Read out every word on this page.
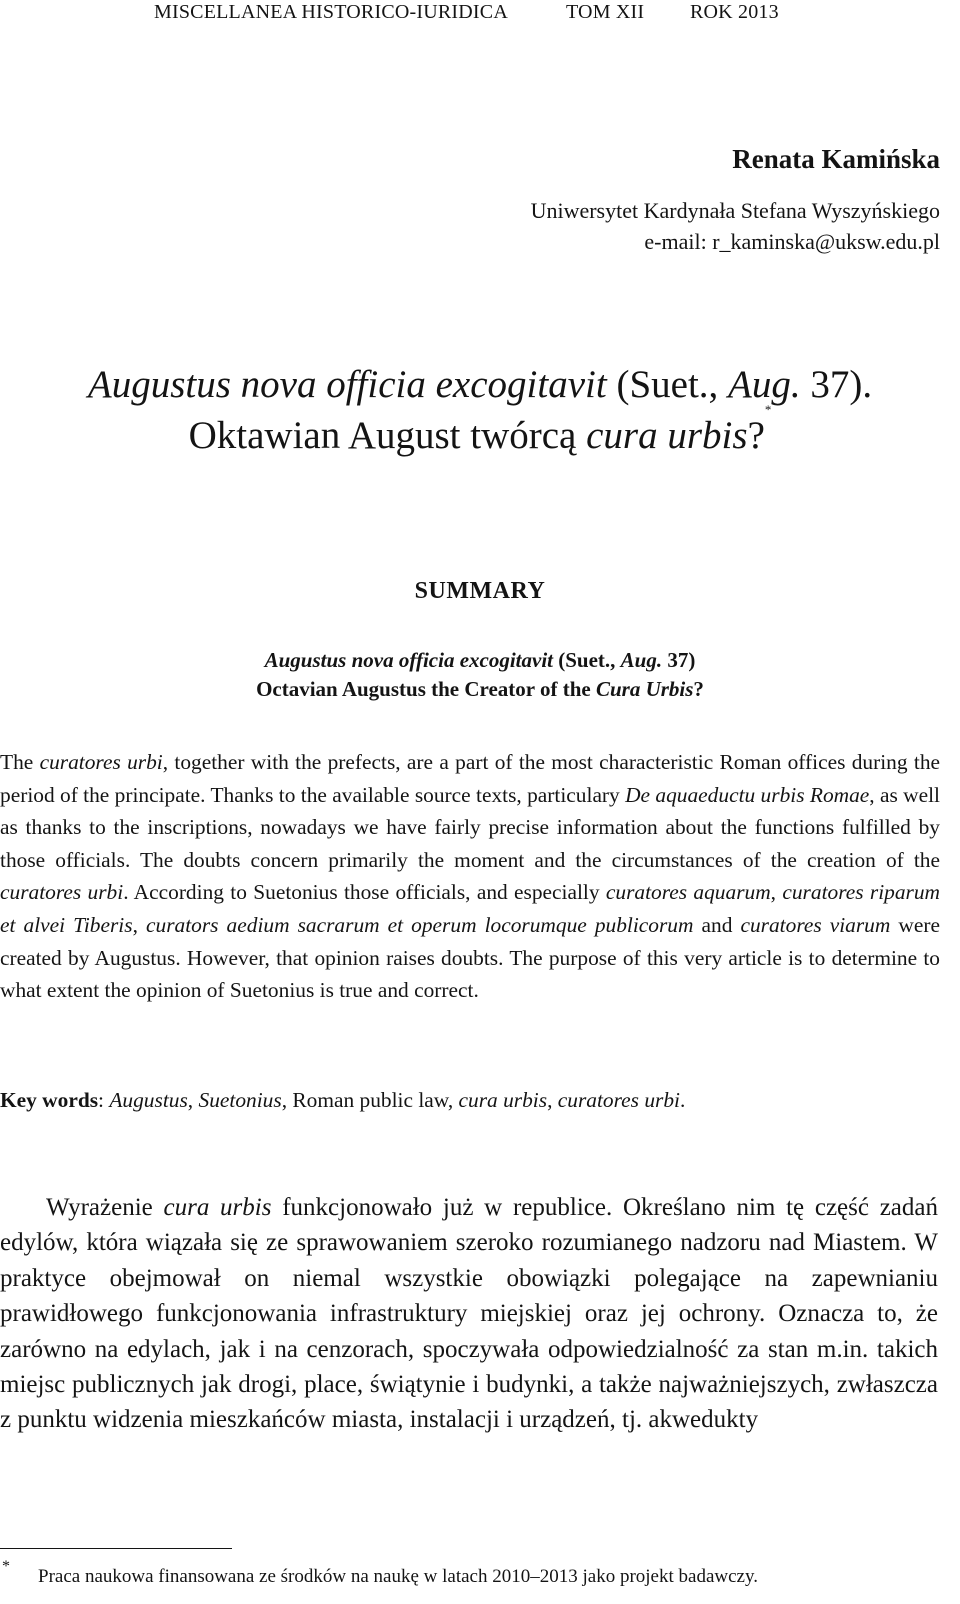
MISCELLANEA HISTORICO-IURIDICA	TOM XII ROK 2013
Renata Kamińska
Uniwersytet Kardynała Stefana Wyszyńskiego
e-mail: r_kaminska@uksw.edu.pl
Augustus nova officia excogitavit (Suet., Aug. 37).
Oktawian August twórcą cura urbis?*
SUMMARY
Augustus nova officia excogitavit (Suet., Aug. 37)
Octavian Augustus the Creator of the Cura Urbis?
The curatores urbi, together with the prefects, are a part of the most characteristic Roman offices during the period of the principate. Thanks to the available source texts, particulary De aquaeductu urbis Romae, as well as thanks to the inscriptions, nowadays we have fairly precise information about the functions fulfilled by those officials. The doubts concern primarily the moment and the circumstances of the creation of the curatores urbi. According to Suetonius those officials, and especially curatores aquarum, curatores riparum et alvei Tiberis, curators aedium sacrarum et operum locorumque publicorum and curatores viarum were created by Augustus. However, that opinion raises doubts. The purpose of this very article is to determine to what extent the opinion of Suetonius is true and correct.
Key words: Augustus, Suetonius, Roman public law, cura urbis, curatores urbi.
Wyrażenie cura urbis funkcjonowało już w republice. Określano nim tę część zadań edylów, która wiązała się ze sprawowaniem szeroko rozumianego nadzoru nad Miastem. W praktyce obejmował on niemal wszystkie obowiązki polegające na zapewnianiu prawidłowego funkcjonowania infrastruktury miejskiej oraz jej ochrony. Oznacza to, że zarówno na edylach, jak i na cenzorach, spoczywała odpowiedzialność za stan m.in. takich miejsc publicznych jak drogi, place, świątynie i budynki, a także najważniejszych, zwłaszcza z punktu widzenia mieszkańców miasta, instalacji i urządzeń, tj. akwedukty
* Praca naukowa finansowana ze środków na naukę w latach 2010–2013 jako projekt badawczy.
